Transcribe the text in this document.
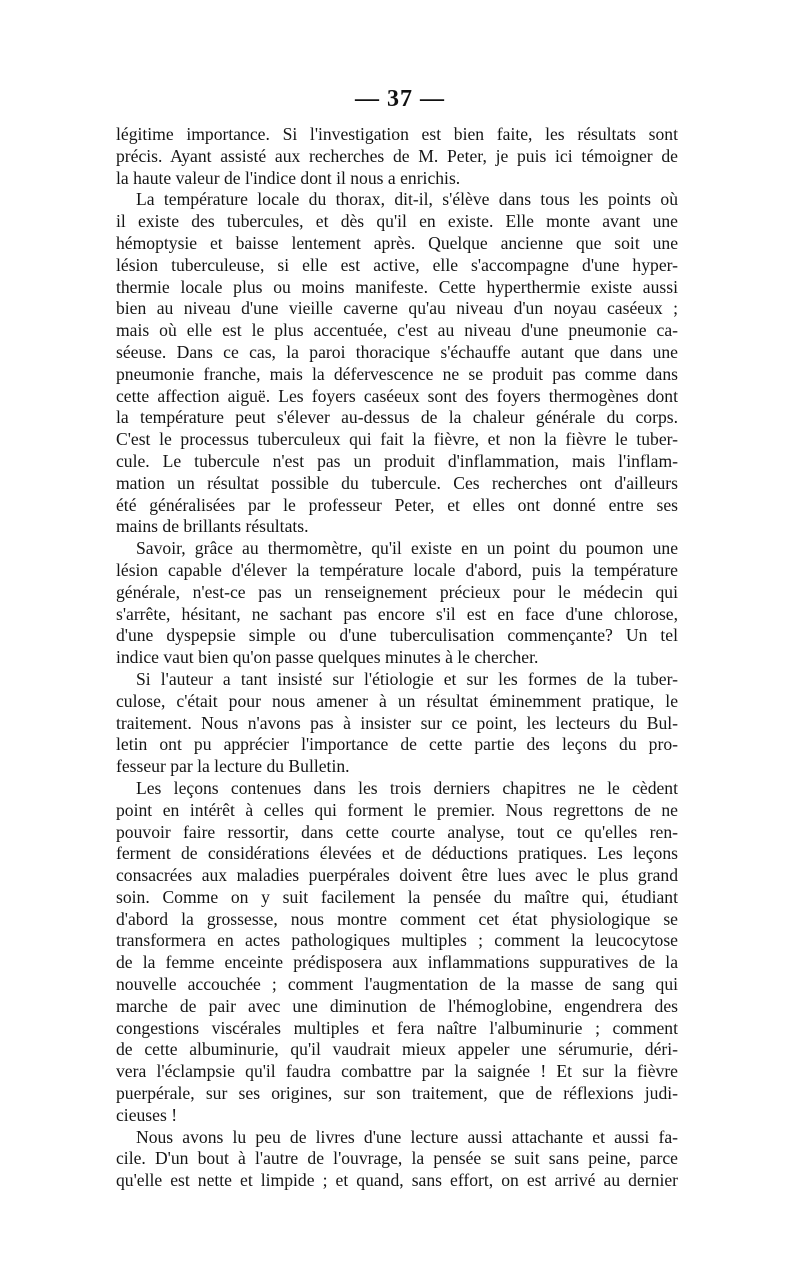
— 37 —
légitime importance. Si l'investigation est bien faite, les résultats sont
précis. Ayant assisté aux recherches de M. Peter, je puis ici témoigner de
la haute valeur de l'indice dont il nous a enrichis.
La température locale du thorax, dit-il, s'élève dans tous les points où
il existe des tubercules, et dès qu'il en existe. Elle monte avant une
hémoptysie et baisse lentement après. Quelque ancienne que soit une
lésion tuberculeuse, si elle est active, elle s'accompagne d'une hyper-
thermie locale plus ou moins manifeste. Cette hyperthermie existe aussi
bien au niveau d'une vieille caverne qu'au niveau d'un noyau caséeux ;
mais où elle est le plus accentuée, c'est au niveau d'une pneumonie ca-
séeuse. Dans ce cas, la paroi thoracique s'échauffe autant que dans une
pneumonie franche, mais la défervescence ne se produit pas comme dans
cette affection aiguë. Les foyers caséeux sont des foyers thermogènes dont
la température peut s'élever au-dessus de la chaleur générale du corps.
C'est le processus tuberculeux qui fait la fièvre, et non la fièvre le tuber-
cule. Le tubercule n'est pas un produit d'inflammation, mais l'inflam-
mation un résultat possible du tubercule. Ces recherches ont d'ailleurs
été généralisées par le professeur Peter, et elles ont donné entre ses
mains de brillants résultats.
Savoir, grâce au thermomètre, qu'il existe en un point du poumon une
lésion capable d'élever la température locale d'abord, puis la température
générale, n'est-ce pas un renseignement précieux pour le médecin qui
s'arrête, hésitant, ne sachant pas encore s'il est en face d'une chlorose,
d'une dyspepsie simple ou d'une tuberculisation commençante? Un tel
indice vaut bien qu'on passe quelques minutes à le chercher.
Si l'auteur a tant insisté sur l'étiologie et sur les formes de la tuber-
culose, c'était pour nous amener à un résultat éminemment pratique, le
traitement. Nous n'avons pas à insister sur ce point, les lecteurs du Bul-
letin ont pu apprécier l'importance de cette partie des leçons du pro-
fesseur par la lecture du Bulletin.
Les leçons contenues dans les trois derniers chapitres ne le cèdent
point en intérêt à celles qui forment le premier. Nous regrettons de ne
pouvoir faire ressortir, dans cette courte analyse, tout ce qu'elles ren-
ferment de considérations élevées et de déductions pratiques. Les leçons
consacrées aux maladies puerpérales doivent être lues avec le plus grand
soin. Comme on y suit facilement la pensée du maître qui, étudiant
d'abord la grossesse, nous montre comment cet état physiologique se
transformera en actes pathologiques multiples ; comment la leucocytose
de la femme enceinte prédisposera aux inflammations suppuratives de la
nouvelle accouchée ; comment l'augmentation de la masse de sang qui
marche de pair avec une diminution de l'hémoglobine, engendrera des
congestions viscérales multiples et fera naître l'albuminurie ; comment
de cette albuminurie, qu'il vaudrait mieux appeler une sérumurie, déri-
vera l'éclampsie qu'il faudra combattre par la saignée ! Et sur la fièvre
puerpérale, sur ses origines, sur son traitement, que de réflexions judi-
cieuses !
Nous avons lu peu de livres d'une lecture aussi attachante et aussi fa-
cile. D'un bout à l'autre de l'ouvrage, la pensée se suit sans peine, parce
qu'elle est nette et limpide ; et quand, sans effort, on est arrivé au dernier
